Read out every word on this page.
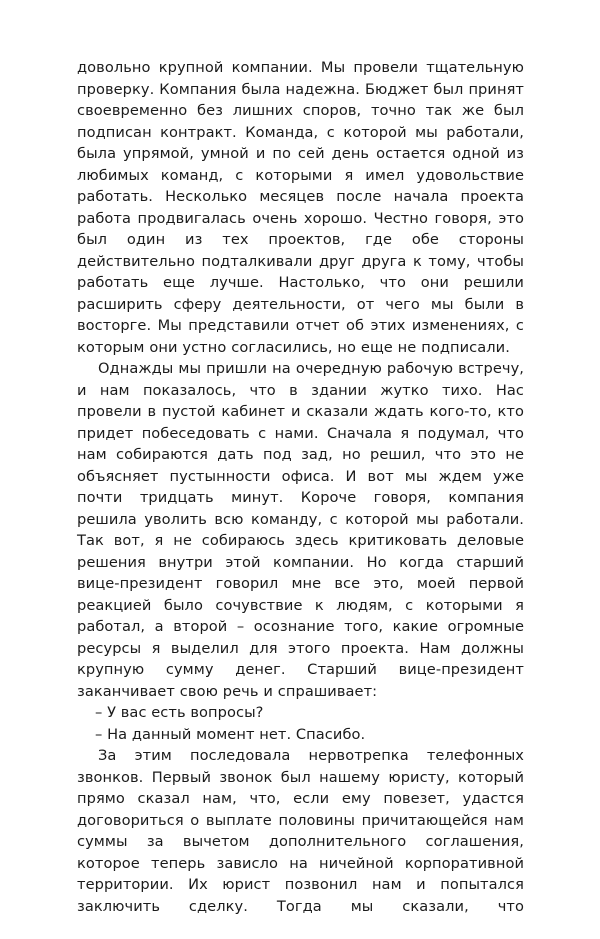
довольно крупной компании. Мы провели тщательную проверку. Компания была надежна. Бюджет был принят своевременно без лишних споров, точно так же был подписан контракт. Команда, с которой мы работали, была упрямой, умной и по сей день остается одной из любимых команд, с которыми я имел удовольствие работать. Несколько месяцев после начала проекта работа продвигалась очень хорошо. Честно говоря, это был один из тех проектов, где обе стороны действительно подталкивали друг друга к тому, чтобы работать еще лучше. Настолько, что они решили расширить сферу деятельности, от чего мы были в восторге. Мы представили отчет об этих изменениях, с которым они устно согласились, но еще не подписали.

Однажды мы пришли на очередную рабочую встречу, и нам показалось, что в здании жутко тихо. Нас провели в пустой кабинет и сказали ждать кого-то, кто придет побеседовать с нами. Сначала я подумал, что нам собираются дать под зад, но решил, что это не объясняет пустынности офиса. И вот мы ждем уже почти тридцать минут. Короче говоря, компания решила уволить всю команду, с которой мы работали. Так вот, я не собираюсь здесь критиковать деловые решения внутри этой компании. Но когда старший вице-президент говорил мне все это, моей первой реакцией было сочувствие к людям, с которыми я работал, а второй – осознание того, какие огромные ресурсы я выделил для этого проекта. Нам должны крупную сумму денег. Старший вице-президент заканчивает свою речь и спрашивает:

– У вас есть вопросы?

– На данный момент нет. Спасибо.

За этим последовала нервотрепка телефонных звонков. Первый звонок был нашему юристу, который прямо сказал нам, что, если ему повезет, удастся договориться о выплате половины причитающейся нам суммы за вычетом дополнительного соглашения, которое теперь зависло на ничейной корпоративной территории. Их юрист позвонил нам и попытался заключить сделку. Тогда мы сказали, что
